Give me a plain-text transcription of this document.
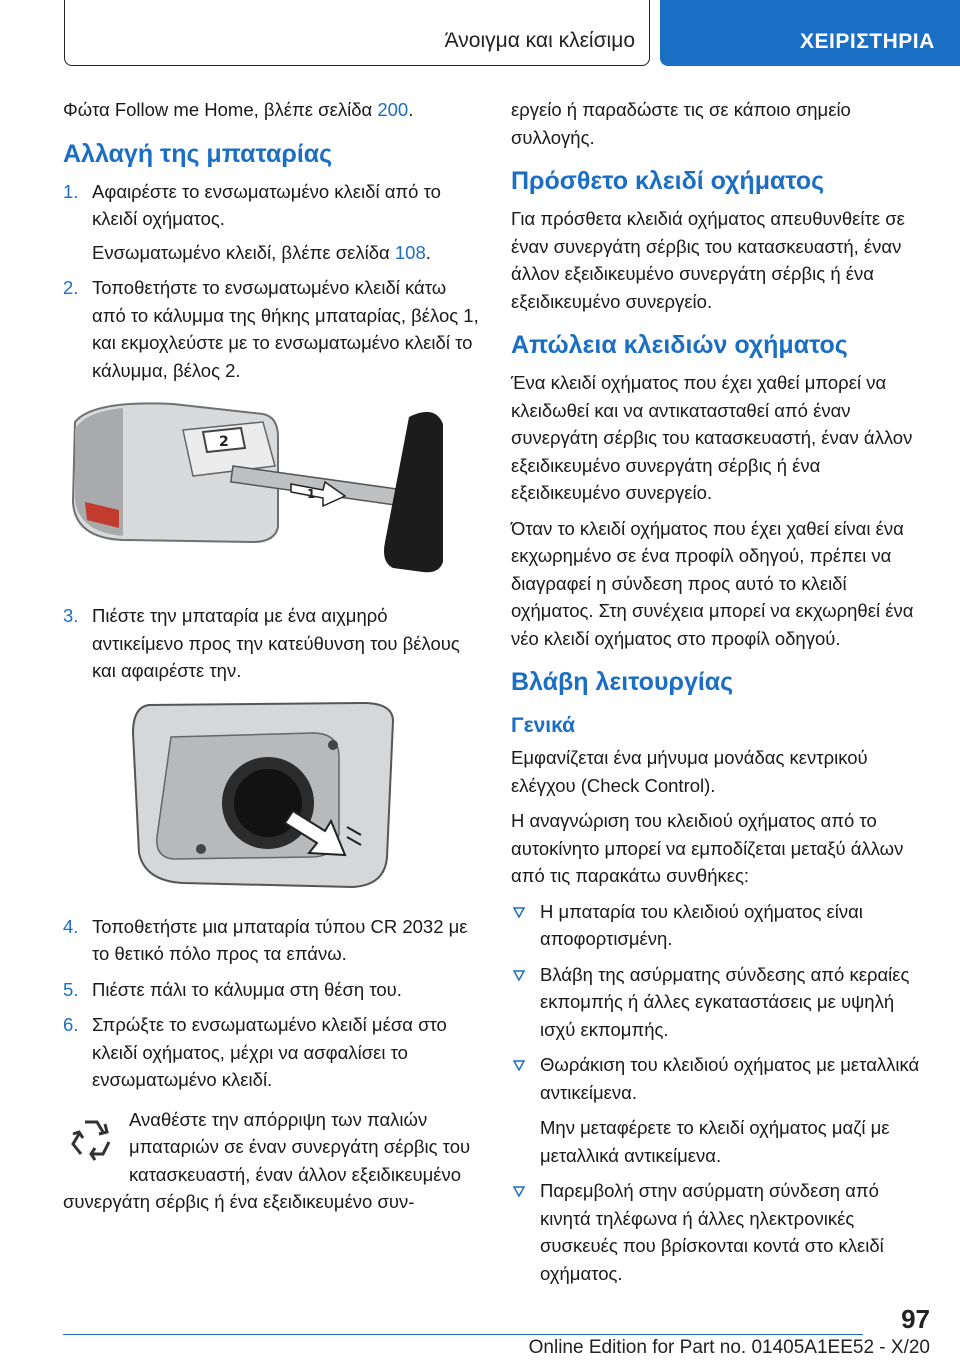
Άνοιγμα και κλείσιμο	ΧΕΙΡΙΣΤΗΡΙΑ

Φώτα Follow me Home, βλέπε σελίδα 200.

Αλλαγή της μπαταρίας
1. Αφαιρέστε το ενσωματωμένο κλειδί από το κλειδί οχήματος.

Ενσωματωμένο κλειδί, βλέπε σελίδα 108.

2. Τοποθετήστε το ενσωματωμένο κλειδί κάτω από το κάλυμμα της θήκης μπαταρίας, βέλος 1, και εκμοχλεύστε με το ενσωματωμένο κλειδί το κάλυμμα, βέλος 2.
2
1
3. Πιέστε την μπαταρία με ένα αιχμηρό αντικείμενο προς την κατεύθυνση του βέλους και αφαιρέστε την.
4. Τοποθετήστε μια μπαταρία τύπου CR 2032 με το θετικό πόλο προς τα επάνω.
5. Πιέστε πάλι το κάλυμμα στη θέση του.
6. Σπρώξτε το ενσωματωμένο κλειδί μέσα στο κλειδί οχήματος, μέχρι να ασφαλίσει το ενσωματωμένο κλειδί.
Αναθέστε την απόρριψη των παλιών μπαταριών σε έναν συνεργάτη σέρβις του κατασκευαστή, έναν άλλον εξειδικευμένο συνεργάτη σέρβις ή ένα εξειδικευμένο συν-

εργείο ή παραδώστε τις σε κάποιο σημείο συλλογής.

Πρόσθετο κλειδί οχήματος

Για πρόσθετα κλειδιά οχήματος απευθυνθείτε σε έναν συνεργάτη σέρβις του κατασκευαστή, έναν άλλον εξειδικευμένο συνεργάτη σέρβις ή ένα εξειδικευμένο συνεργείο.

Απώλεια κλειδιών οχήματος

Ένα κλειδί οχήματος που έχει χαθεί μπορεί να κλειδωθεί και να αντικατασταθεί από έναν συνεργάτη σέρβις του κατασκευαστή, έναν άλλον εξειδικευμένο συνεργάτη σέρβις ή ένα εξειδικευμένο συνεργείο.

Όταν το κλειδί οχήματος που έχει χαθεί είναι ένα εκχωρημένο σε ένα προφίλ οδηγού, πρέπει να διαγραφεί η σύνδεση προς αυτό το κλειδί οχήματος. Στη συνέχεια μπορεί να εκχωρηθεί ένα νέο κλειδί οχήματος στο προφίλ οδηγού.

Βλάβη λειτουργίας
Γενικά

Εμφανίζεται ένα μήνυμα μονάδας κεντρικού ελέγχου (Check Control).

Η αναγνώριση του κλειδιού οχήματος από το αυτοκίνητο μπορεί να εμποδίζεται μεταξύ άλλων από τις παρακάτω συνθήκες:

Η μπαταρία του κλειδιού οχήματος είναι αποφορτισμένη.
Βλάβη της ασύρματης σύνδεσης από κεραίες εκπομπής ή άλλες εγκαταστάσεις με υψηλή ισχύ εκπομπής.
Θωράκιση του κλειδιού οχήματος με μεταλλικά αντικείμενα.

Μην μεταφέρετε το κλειδί οχήματος μαζί με μεταλλικά αντικείμενα.

Παρεμβολή στην ασύρματη σύνδεση από κινητά τηλέφωνα ή άλλες ηλεκτρονικές συσκευές που βρίσκονται κοντά στο κλειδί οχήματος.
97
Online Edition for Part no. 01405A1EE52 - X/20
